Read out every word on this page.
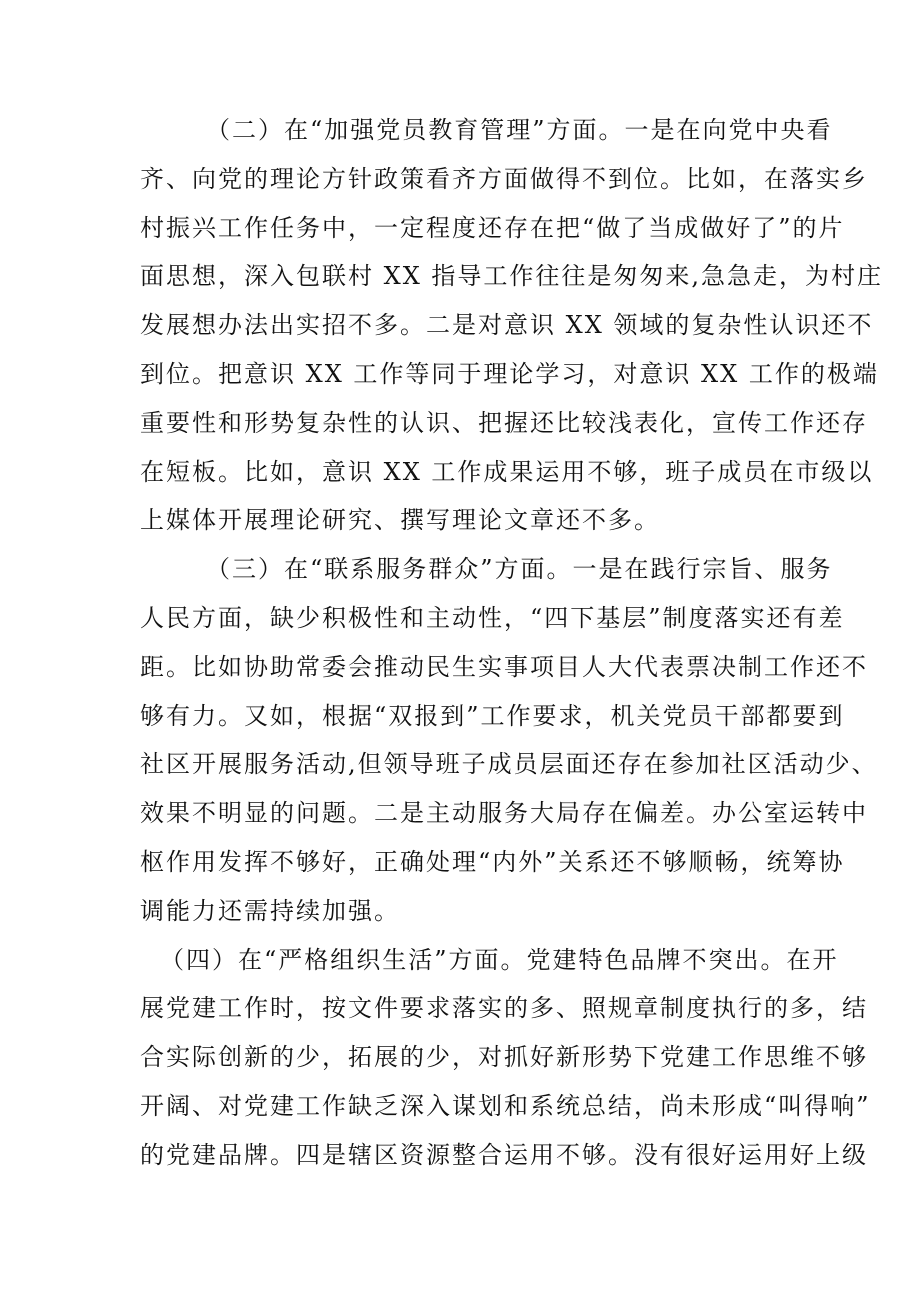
（二）在“加强党员教育管理”方面。一是在向党中央看
齐、向党的理论方针政策看齐方面做得不到位。比如，在落实乡
村振兴工作任务中，一定程度还存在把“做了当成做好了”的片
面思想，深入包联村 XX 指导工作往往是匆匆来,急急走，为村庄
发展想办法出实招不多。二是对意识 XX 领域的复杂性认识还不
到位。把意识 XX 工作等同于理论学习，对意识 XX 工作的极端
重要性和形势复杂性的认识、把握还比较浅表化，宣传工作还存
在短板。比如，意识 XX 工作成果运用不够，班子成员在市级以
上媒体开展理论研究、撰写理论文章还不多。
（三）在“联系服务群众”方面。一是在践行宗旨、服务
人民方面，缺少积极性和主动性，“四下基层”制度落实还有差
距。比如协助常委会推动民生实事项目人大代表票决制工作还不
够有力。又如，根据“双报到”工作要求，机关党员干部都要到
社区开展服务活动,但领导班子成员层面还存在参加社区活动少、
效果不明显的问题。二是主动服务大局存在偏差。办公室运转中
枢作用发挥不够好，正确处理“内外”关系还不够顺畅，统筹协
调能力还需持续加强。
（四）在“严格组织生活”方面。党建特色品牌不突出。在开
展党建工作时，按文件要求落实的多、照规章制度执行的多，结
合实际创新的少，拓展的少，对抓好新形势下党建工作思维不够
开阔、对党建工作缺乏深入谋划和系统总结，尚未形成“叫得响”
的党建品牌。四是辖区资源整合运用不够。没有很好运用好上级
